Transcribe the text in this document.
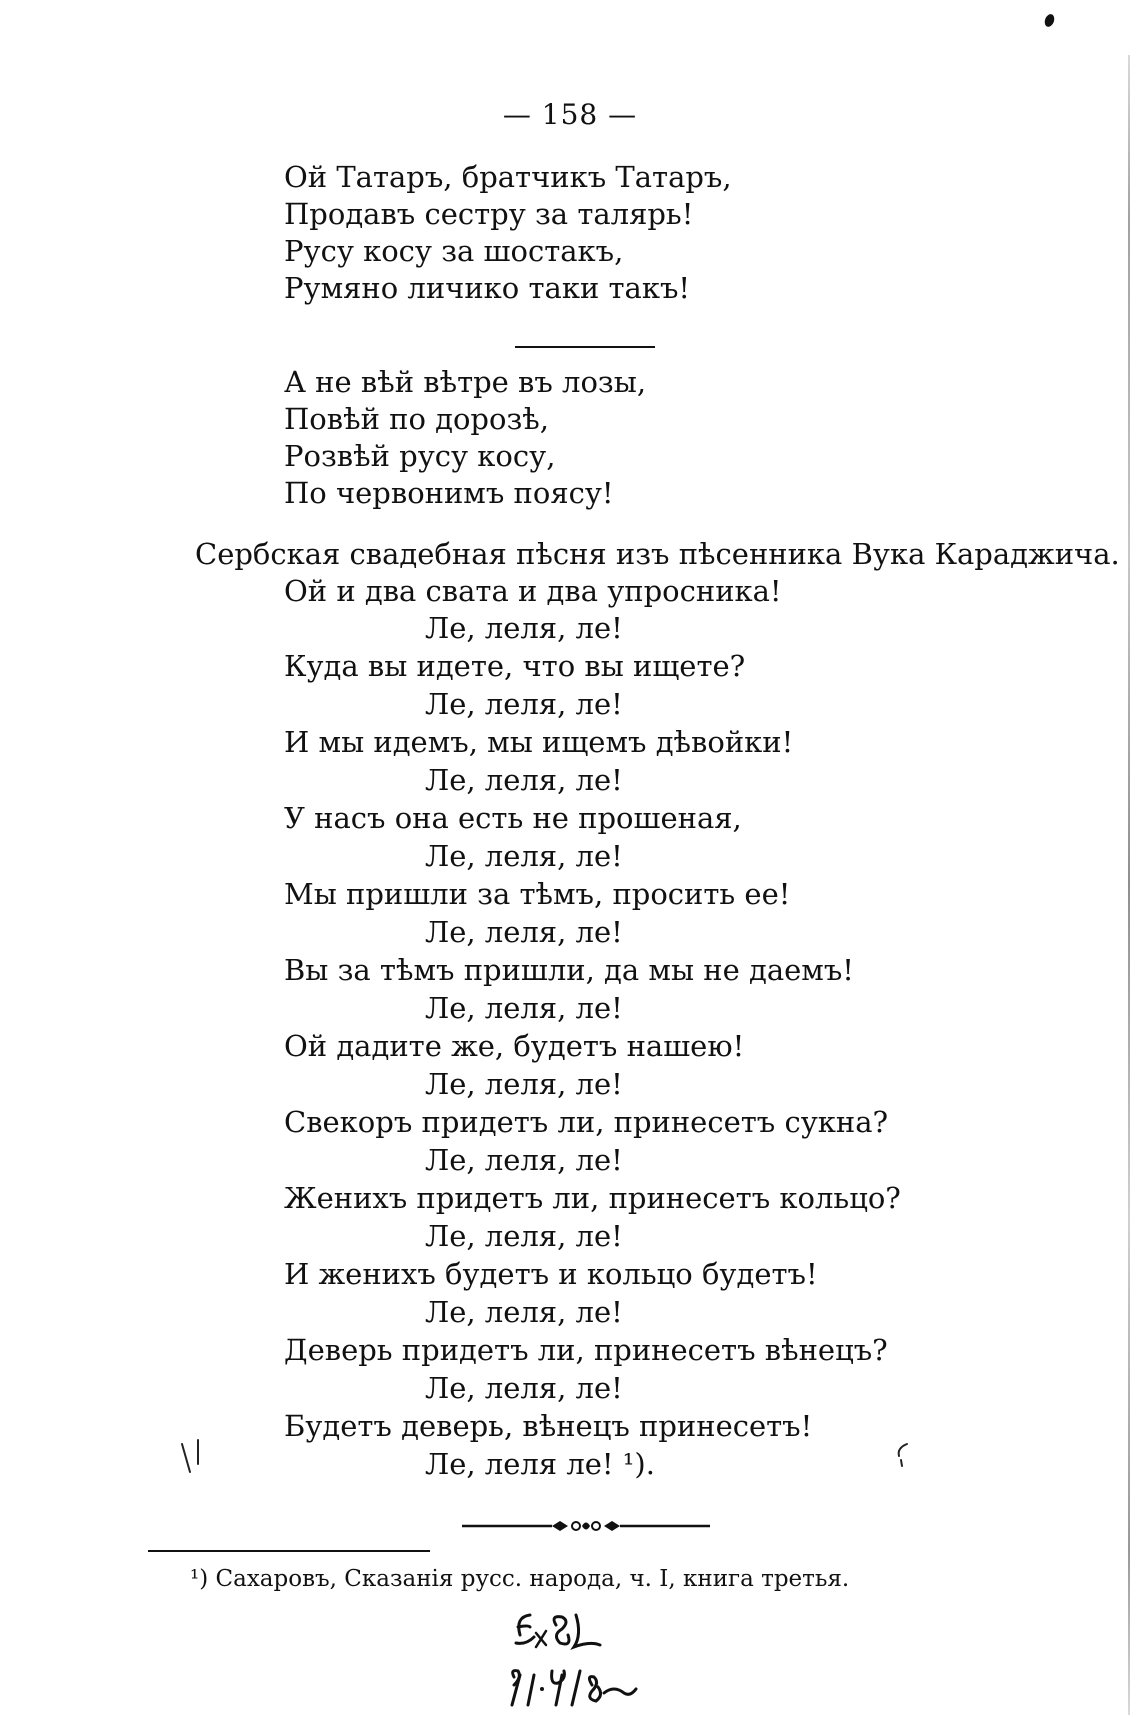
— 158 —
Ой Татаръ, братчикъ Татаръ,
Продавъ сестру за талярь!
Русу косу за шостакъ,
Румяно личико таки такъ!
А не вѣй вѣтре въ лозы,
Повѣй по дорозѣ,
Розвѣй русу косу,
По червонимъ поясу!
Сербская свадебная пѣсня изъ пѣсенника Вука Караджича.
Ой и два свата и два упросника!
Ле, леля, ле!
Куда вы идете, что вы ищете?
Ле, леля, ле!
И мы идемъ, мы ищемъ дѣвойки!
Ле, леля, ле!
У насъ она есть не прошеная,
Ле, леля, ле!
Мы пришли за тѣмъ, просить ее!
Ле, леля, ле!
Вы за тѣмъ пришли, да мы не даемъ!
Ле, леля, ле!
Ой дадите же, будетъ нашею!
Ле, леля, ле!
Свекоръ придетъ ли, принесетъ сукна?
Ле, леля, ле!
Женихъ придетъ ли, принесетъ кольцо?
Ле, леля, ле!
И женихъ будетъ и кольцо будетъ!
Ле, леля, ле!
Деверь придетъ ли, принесетъ вѣнецъ?
Ле, леля, ле!
Будетъ деверь, вѣнецъ принесетъ!
Ле, леля ле! ¹).
¹) Сахаровъ, Сказанія русс. народа, ч. I, книга третья.
